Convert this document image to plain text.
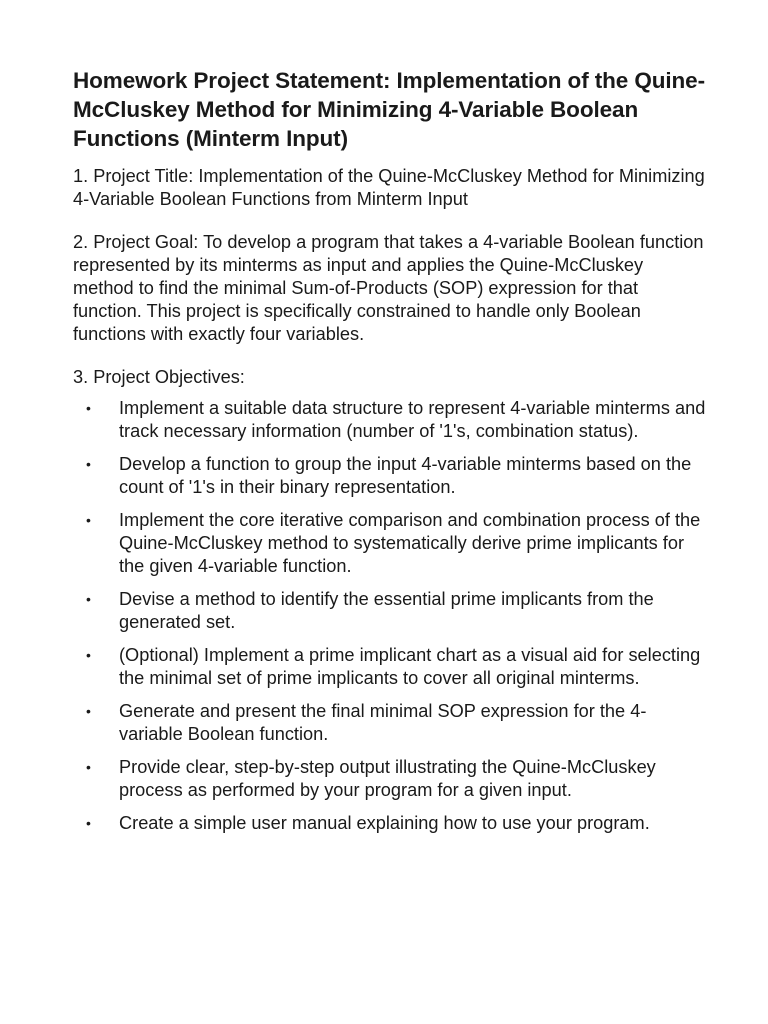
Homework Project Statement: Implementation of the Quine-McCluskey Method for Minimizing 4-Variable Boolean Functions (Minterm Input)

1. Project Title: Implementation of the Quine-McCluskey Method for Minimizing 4-Variable Boolean Functions from Minterm Input

2. Project Goal: To develop a program that takes a 4-variable Boolean function represented by its minterms as input and applies the Quine-McCluskey method to find the minimal Sum-of-Products (SOP) expression for that function. This project is specifically constrained to handle only Boolean functions with exactly four variables.

3. Project Objectives:

• Implement a suitable data structure to represent 4-variable minterms and track necessary information (number of '1's, combination status).
• Develop a function to group the input 4-variable minterms based on the count of '1's in their binary representation.
• Implement the core iterative comparison and combination process of the Quine-McCluskey method to systematically derive prime implicants for the given 4-variable function.
• Devise a method to identify the essential prime implicants from the generated set.
• (Optional) Implement a prime implicant chart as a visual aid for selecting the minimal set of prime implicants to cover all original minterms.
• Generate and present the final minimal SOP expression for the 4-variable Boolean function.
• Provide clear, step-by-step output illustrating the Quine-McCluskey process as performed by your program for a given input.
• Create a simple user manual explaining how to use your program.
